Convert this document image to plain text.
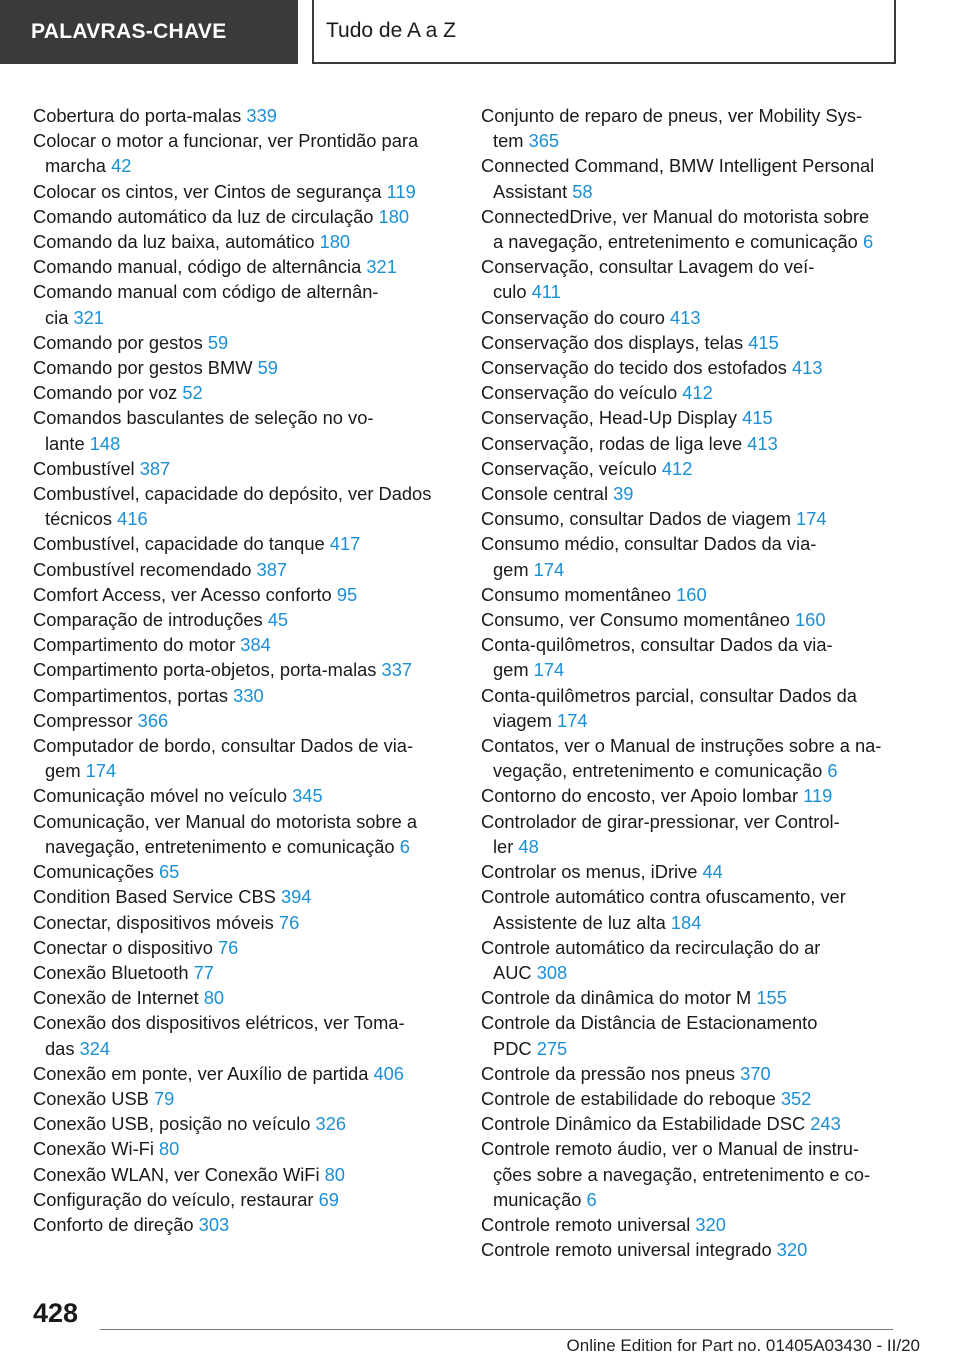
PALAVRAS-CHAVE	Tudo de A a Z
Cobertura do porta-malas 339
Colocar o motor a funcionar, ver Prontidão para
marcha 42
Colocar os cintos, ver Cintos de segurança 119
Comando automático da luz de circulação 180
Comando da luz baixa, automático 180
Comando manual, código de alternância 321
Comando manual com código de alternân-
cia 321
Comando por gestos 59
Comando por gestos BMW 59
Comando por voz 52
Comandos basculantes de seleção no vo-
lante 148
Combustível 387
Combustível, capacidade do depósito, ver Dados
técnicos 416
Combustível, capacidade do tanque 417
Combustível recomendado 387
Comfort Access, ver Acesso conforto 95
Comparação de introduções 45
Compartimento do motor 384
Compartimento porta-objetos, porta-malas 337
Compartimentos, portas 330
Compressor 366
Computador de bordo, consultar Dados de via-
gem 174
Comunicação móvel no veículo 345
Comunicação, ver Manual do motorista sobre a
navegação, entretenimento e comunicação 6
Comunicações 65
Condition Based Service CBS 394
Conectar, dispositivos móveis 76
Conectar o dispositivo 76
Conexão Bluetooth 77
Conexão de Internet 80
Conexão dos dispositivos elétricos, ver Toma-
das 324
Conexão em ponte, ver Auxílio de partida 406
Conexão USB 79
Conexão USB, posição no veículo 326
Conexão Wi-Fi 80
Conexão WLAN, ver Conexão WiFi 80
Configuração do veículo, restaurar 69
Conforto de direção 303
Conjunto de reparo de pneus, ver Mobility Sys-
tem 365
Connected Command, BMW Intelligent Personal
Assistant 58
ConnectedDrive, ver Manual do motorista sobre
a navegação, entretenimento e comunicação 6
Conservação, consultar Lavagem do veí-
culo 411
Conservação do couro 413
Conservação dos displays, telas 415
Conservação do tecido dos estofados 413
Conservação do veículo 412
Conservação, Head-Up Display 415
Conservação, rodas de liga leve 413
Conservação, veículo 412
Console central 39
Consumo, consultar Dados de viagem 174
Consumo médio, consultar Dados da via-
gem 174
Consumo momentâneo 160
Consumo, ver Consumo momentâneo 160
Conta-quilômetros, consultar Dados da via-
gem 174
Conta-quilômetros parcial, consultar Dados da
viagem 174
Contatos, ver o Manual de instruções sobre a na-
vegação, entretenimento e comunicação 6
Contorno do encosto, ver Apoio lombar 119
Controlador de girar-pressionar, ver Control-
ler 48
Controlar os menus, iDrive 44
Controle automático contra ofuscamento, ver
Assistente de luz alta 184
Controle automático da recirculação do ar
AUC 308
Controle da dinâmica do motor M 155
Controle da Distância de Estacionamento
PDC 275
Controle da pressão nos pneus 370
Controle de estabilidade do reboque 352
Controle Dinâmico da Estabilidade DSC 243
Controle remoto áudio, ver o Manual de instru-
ções sobre a navegação, entretenimento e co-
municação 6
Controle remoto universal 320
Controle remoto universal integrado 320
428
Online Edition for Part no. 01405A03430 - II/20
